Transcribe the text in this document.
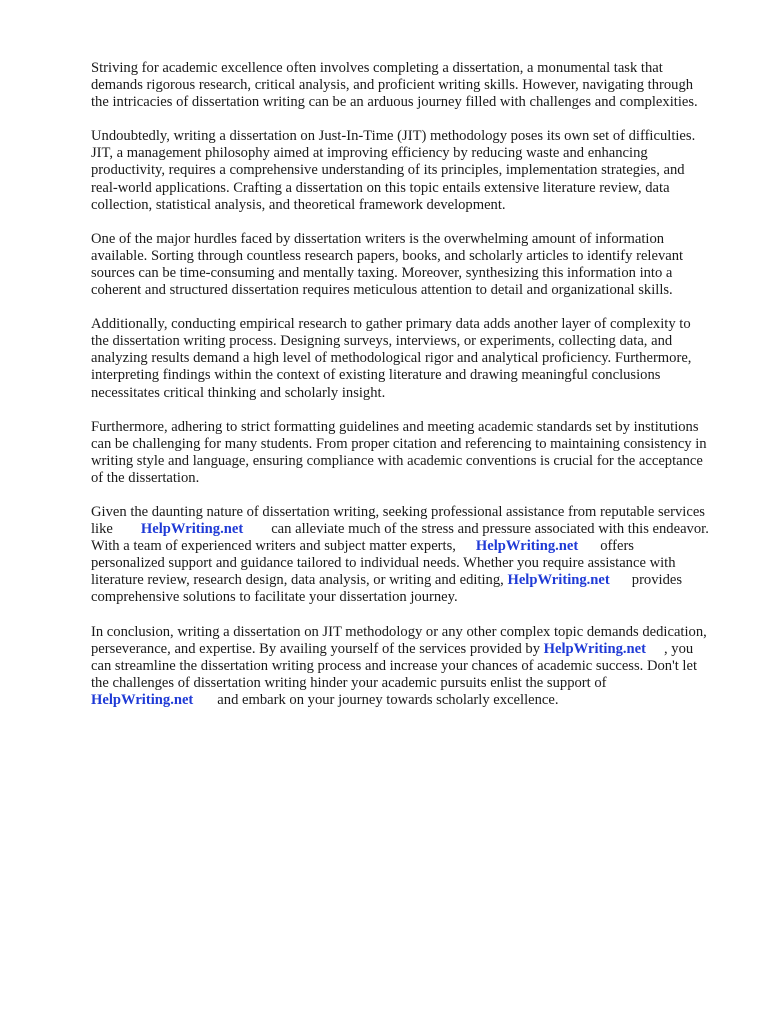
Striving for academic excellence often involves completing a dissertation, a monumental task that demands rigorous research, critical analysis, and proficient writing skills. However, navigating through the intricacies of dissertation writing can be an arduous journey filled with challenges and complexities.

Undoubtedly, writing a dissertation on Just-In-Time (JIT) methodology poses its own set of difficulties. JIT, a management philosophy aimed at improving efficiency by reducing waste and enhancing productivity, requires a comprehensive understanding of its principles, implementation strategies, and real-world applications. Crafting a dissertation on this topic entails extensive literature review, data collection, statistical analysis, and theoretical framework development.

One of the major hurdles faced by dissertation writers is the overwhelming amount of information available. Sorting through countless research papers, books, and scholarly articles to identify relevant sources can be time-consuming and mentally taxing. Moreover, synthesizing this information into a coherent and structured dissertation requires meticulous attention to detail and organizational skills.

Additionally, conducting empirical research to gather primary data adds another layer of complexity to the dissertation writing process. Designing surveys, interviews, or experiments, collecting data, and analyzing results demand a high level of methodological rigor and analytical proficiency. Furthermore, interpreting findings within the context of existing literature and drawing meaningful conclusions necessitates critical thinking and scholarly insight.

Furthermore, adhering to strict formatting guidelines and meeting academic standards set by institutions can be challenging for many students. From proper citation and referencing to maintaining consistency in writing style and language, ensuring compliance with academic conventions is crucial for the acceptance of the dissertation.

Given the daunting nature of dissertation writing, seeking professional assistance from reputable services like HelpWriting.net can alleviate much of the stress and pressure associated with this endeavor. With a team of experienced writers and subject matter experts, HelpWriting.net offers personalized support and guidance tailored to individual needs. Whether you require assistance with literature review, research design, data analysis, or writing and editing, HelpWriting.net provides comprehensive solutions to facilitate your dissertation journey.

In conclusion, writing a dissertation on JIT methodology or any other complex topic demands dedication, perseverance, and expertise. By availing yourself of the services provided by HelpWriting.net , you can streamline the dissertation writing process and increase your chances of academic success. Don't let the challenges of dissertation writing hinder your academic pursuits enlist the support ofHelpWriting.net and embark on your journey towards scholarly excellence.
